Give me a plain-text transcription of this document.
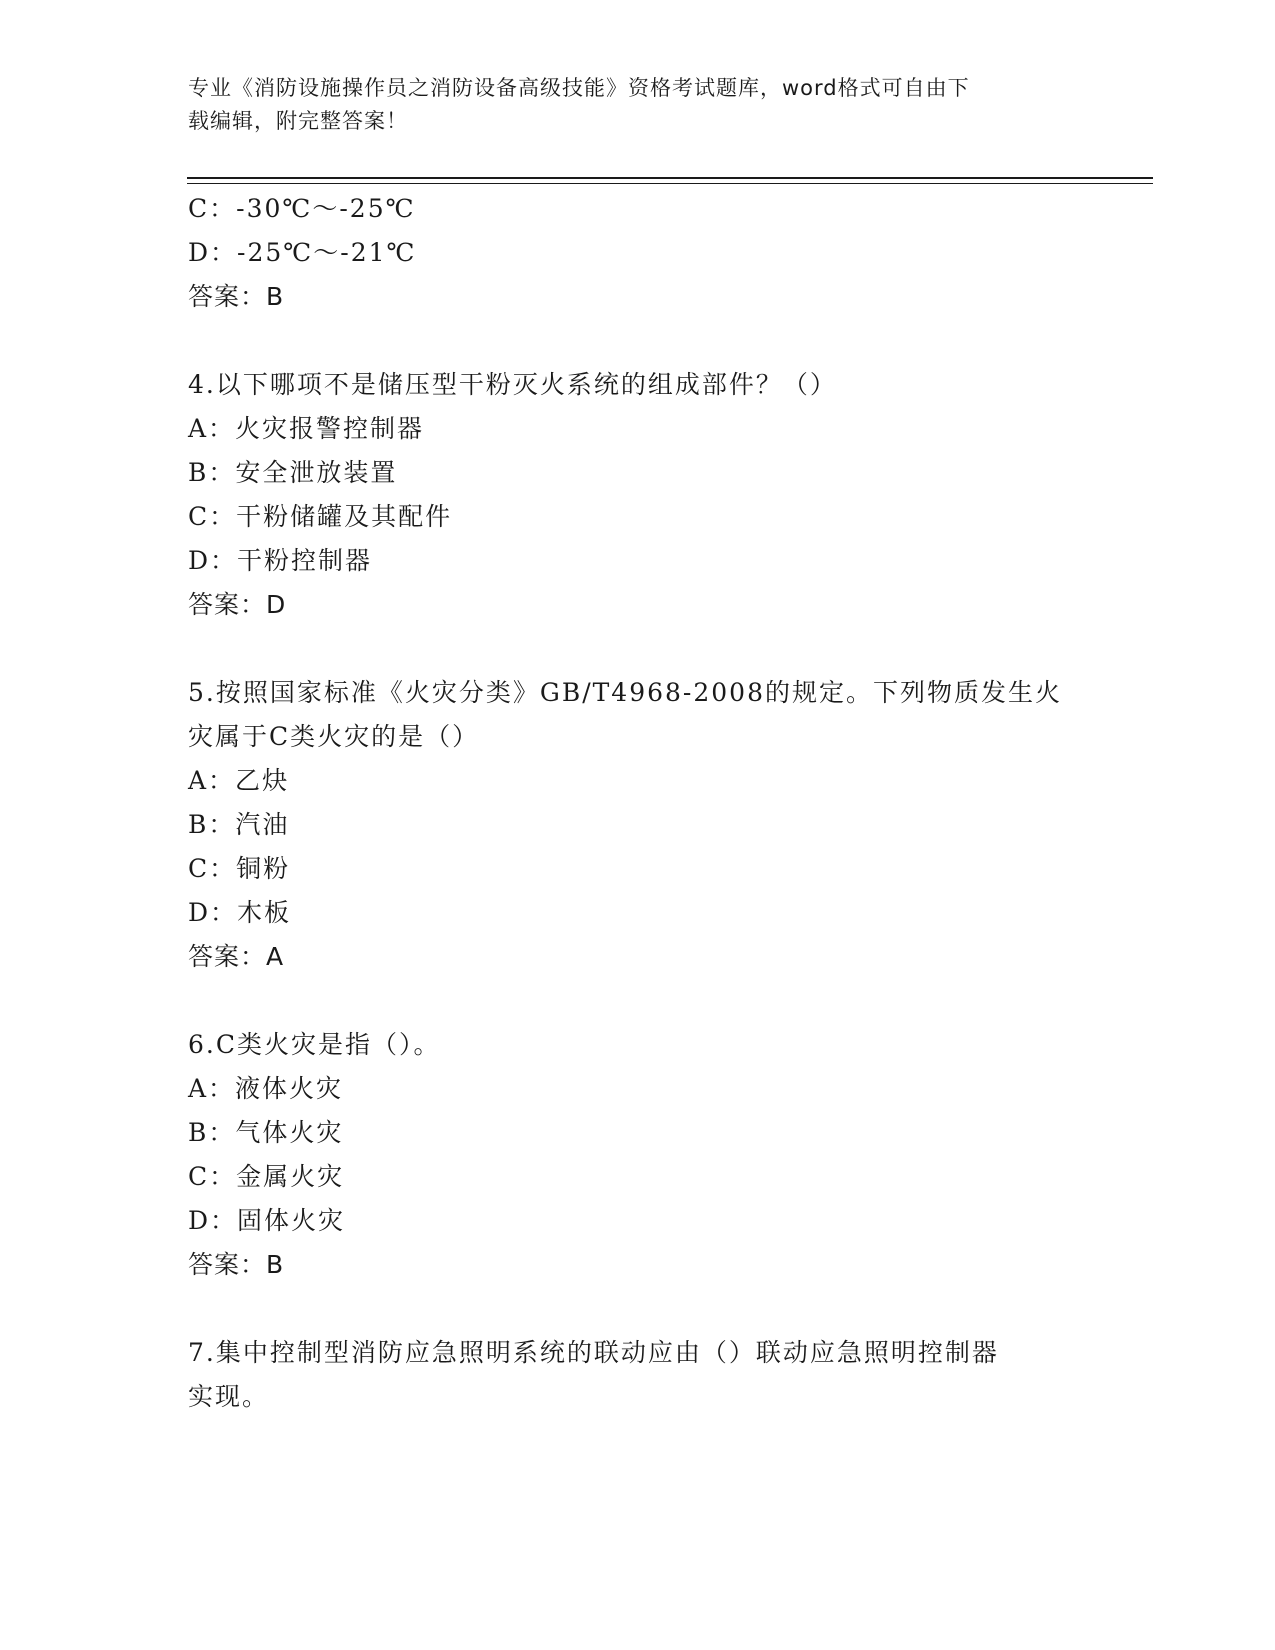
专业《消防设施操作员之消防设备高级技能》资格考试题库，word格式可自由下
载编辑，附完整答案！
C：-30℃～-25℃
D：-25℃～-21℃
答案：B
4.以下哪项不是储压型干粉灭火系统的组成部件？（）
A：火灾报警控制器
B：安全泄放装置
C：干粉储罐及其配件
D：干粉控制器
答案：D
5.按照国家标准《火灾分类》GB/T4968-2008的规定。下列物质发生火
灾属于C类火灾的是（）
A：乙炔
B：汽油
C：铜粉
D：木板
答案：A
6.C类火灾是指（）。
A：液体火灾
B：气体火灾
C：金属火灾
D：固体火灾
答案：B
7.集中控制型消防应急照明系统的联动应由（）联动应急照明控制器
实现。
